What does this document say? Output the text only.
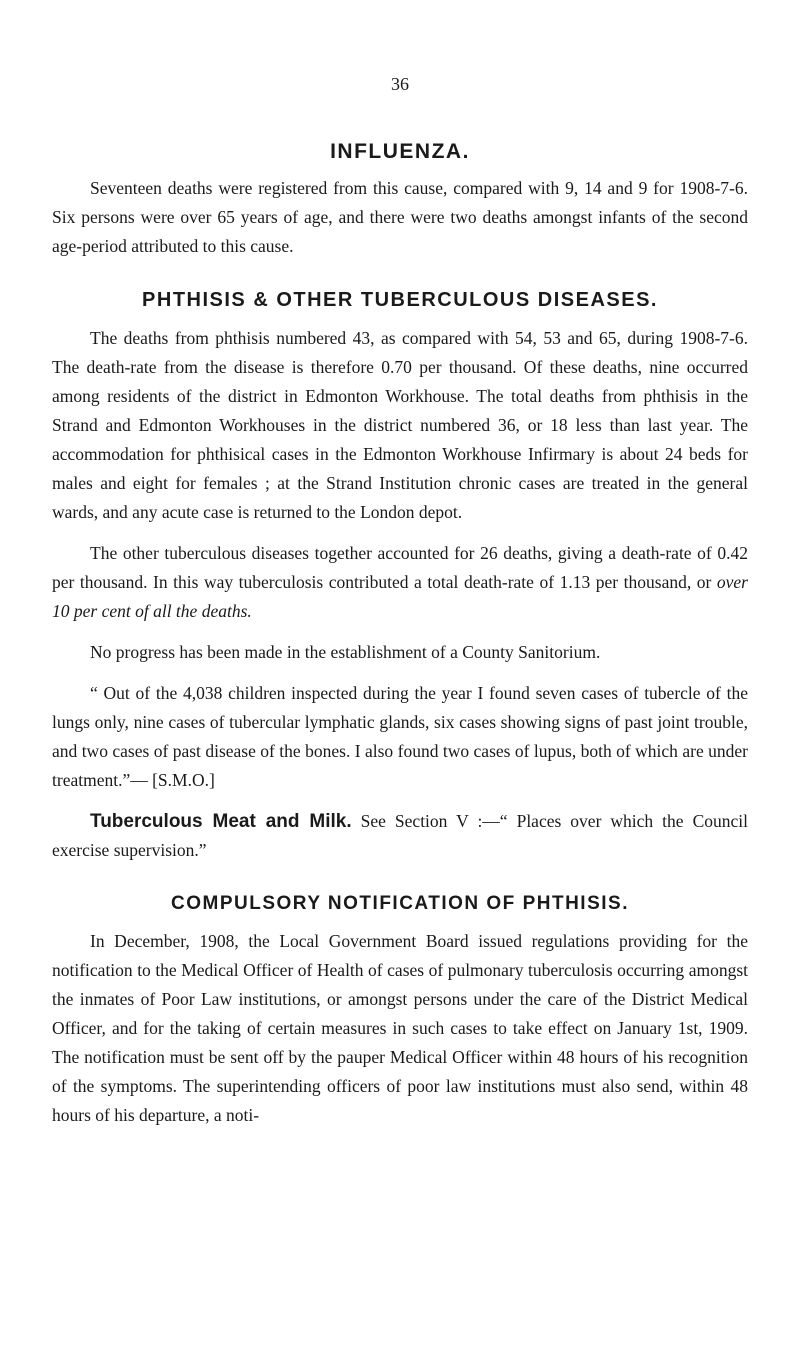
36
INFLUENZA.

Seventeen deaths were registered from this cause, compared with 9, 14 and 9 for 1908-7-6. Six persons were over 65 years of age, and there were two deaths amongst infants of the second age-period attributed to this cause.

PHTHISIS & OTHER TUBERCULOUS DISEASES.

The deaths from phthisis numbered 43, as compared with 54, 53 and 65, during 1908-7-6. The death-rate from the disease is therefore 0.70 per thousand. Of these deaths, nine occurred among residents of the district in Edmonton Workhouse. The total deaths from phthisis in the Strand and Edmonton Workhouses in the district numbered 36, or 18 less than last year. The accommodation for phthisical cases in the Edmonton Workhouse Infirmary is about 24 beds for males and eight for females ; at the Strand Institution chronic cases are treated in the general wards, and any acute case is returned to the London depot.

The other tuberculous diseases together accounted for 26 deaths, giving a death-rate of 0.42 per thousand. In this way tuberculosis contributed a total death-rate of 1.13 per thousand, or over 10 per cent of all the deaths.

No progress has been made in the establishment of a County Sanitorium.

“ Out of the 4,038 children inspected during the year I found seven cases of tubercle of the lungs only, nine cases of tubercular lymphatic glands, six cases showing signs of past joint trouble, and two cases of past disease of the bones. I also found two cases of lupus, both of which are under treatment.”— [S.M.O.]

Tuberculous Meat and Milk. See Section V :—“ Places over which the Council exercise supervision.”

COMPULSORY NOTIFICATION OF PHTHISIS.

In December, 1908, the Local Government Board issued regulations providing for the notification to the Medical Officer of Health of cases of pulmonary tuberculosis occurring amongst the inmates of Poor Law institutions, or amongst persons under the care of the District Medical Officer, and for the taking of certain measures in such cases to take effect on January 1st, 1909. The notification must be sent off by the pauper Medical Officer within 48 hours of his recognition of the symptoms. The superintending officers of poor law institutions must also send, within 48 hours of his departure, a noti-
